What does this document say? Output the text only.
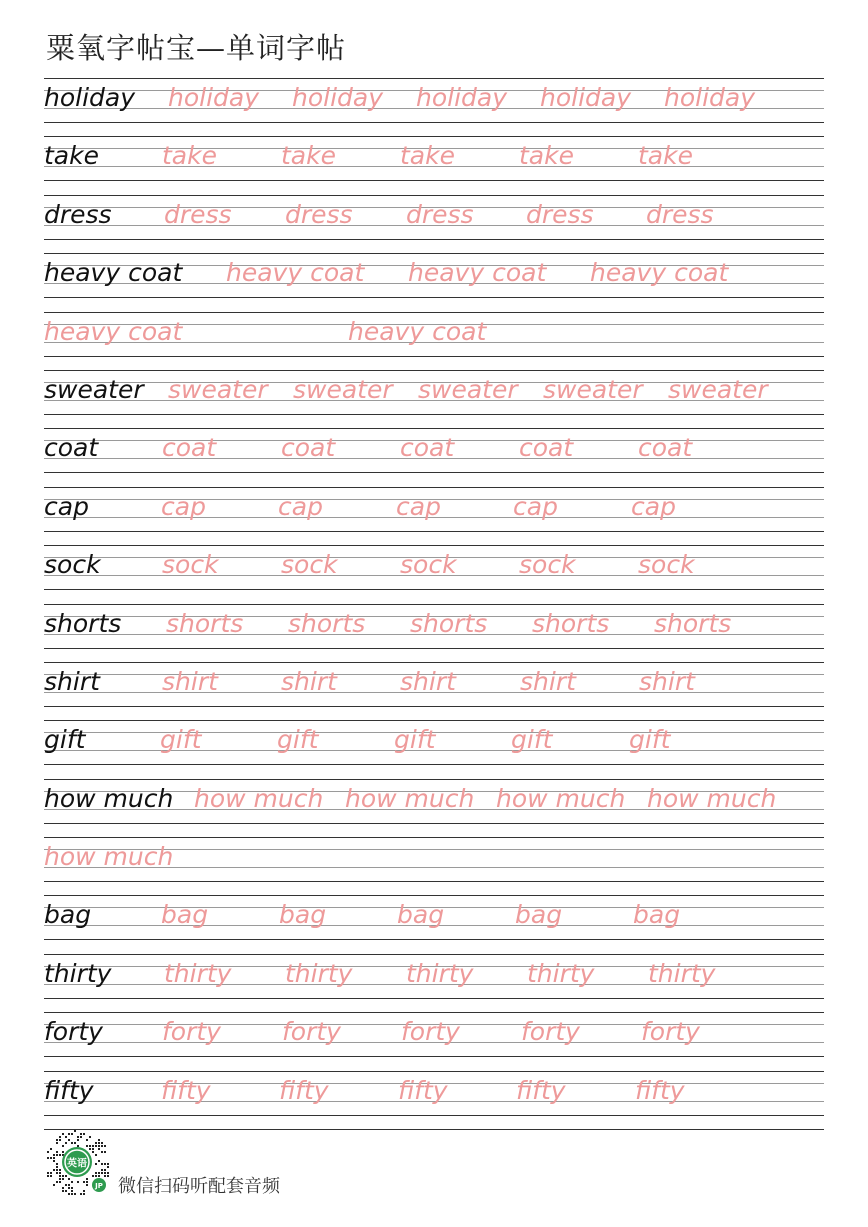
粟氧字帖宝—单词字帖
holiday holiday holiday holiday holiday holiday
take	take	take	take	take	take
dress dress dress dress dress dress
heavy coat heavy coat heavy coat heavy coat
heavy coat	heavy coat
sweater sweater sweater sweater sweater sweater
coat	coat	coat	coat	coat	coat
cap	cap	cap	cap	cap	cap
sock sock sock sock sock sock
shorts shorts shorts shorts shorts shorts
shirt shirt	shirt	shirt	shirt	shirt
gift	gift	gift	gift	gift	gift
how much how much how much how much how much
how much
bag	bag	bag	bag	bag	bag
thirty thirty thirty thirty thirty thirty
forty forty forty forty forty forty
fifty	fifty	fifty	fifty	fifty	fifty
英语
JP 微信扫码听配套音频
